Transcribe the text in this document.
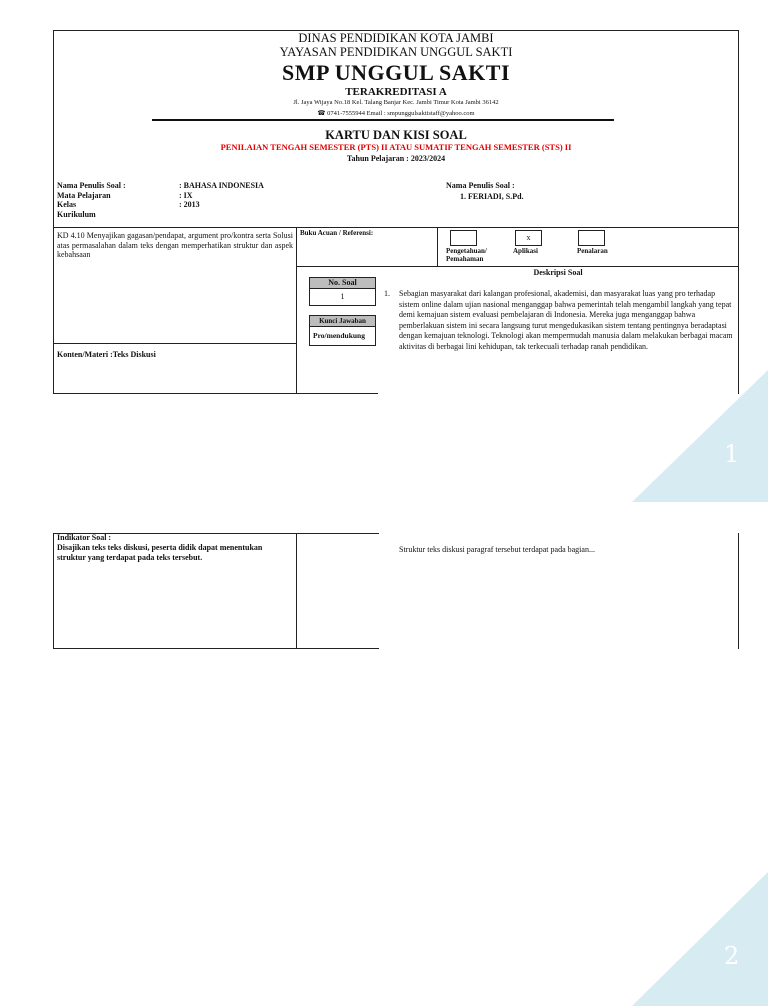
1
2
DINAS PENDIDIKAN KOTA JAMBI
YAYASAN PENDIDIKAN UNGGUL SAKTI
SMP UNGGUL SAKTI
TERAKREDITASI A
Jl. Jaya Wijaya No.18 Kel. Talang Banjar Kec. Jambi Timur Kota Jambi 36142
☎ 0741-7555944 Email : smpunggulsaktistaff@yahoo.com
KARTU DAN KISI SOAL
PENILAIAN TENGAH SEMESTER (PTS) II ATAU SUMATIF TENGAH SEMESTER (STS) II
Tahun Pelajaran : 2023/2024
Nama Penulis Soal :
Mata Pelajaran
Kelas
Kurikulum
: BAHASA INDONESIA
: IX
: 2013
Nama Penulis Soal :
1. FERIADI, S.Pd.
KD 4.10 Menyajikan gagasan/pendapat, argument pro/kontra serta Solusi atas permasalahan dalam teks dengan memperhatikan struktur dan aspek kebahsaan
Konten/Materi :Teks Diskusi
Buku Acuan / Referensi:	x
Pengetahuan/ Pemahaman
Aplikasi	Penalaran
Deskripsi Soal
No. Soal
1
Kunci Jawaban
Pro/mendukung
1. Sebagian masyarakat dari kalangan profesional, akademisi, dan masyarakat luas yang pro terhadap sistem online dalam ujian nasional menganggap bahwa pemerintah telah mengambil langkah yang tepat demi kemajuan sistem evaluasi pembelajaran di Indonesia. Mereka juga menganggap bahwa pemberlakuan sistem ini secara langsung turut mengedukasikan sistem tentang pentingnya beradaptasi dengan kemajuan teknologi. Teknologi akan mempermudah manusia dalam melakukan berbagai macam aktivitas di berbagai lini kehidupan, tak terkecuali terhadap ranah pendidikan.
Indikator Soal :
Disajikan teks teks diskusi, peserta didik dapat menentukan struktur yang terdapat pada teks tersebut.
Struktur teks diskusi paragraf tersebut terdapat pada bagian...
